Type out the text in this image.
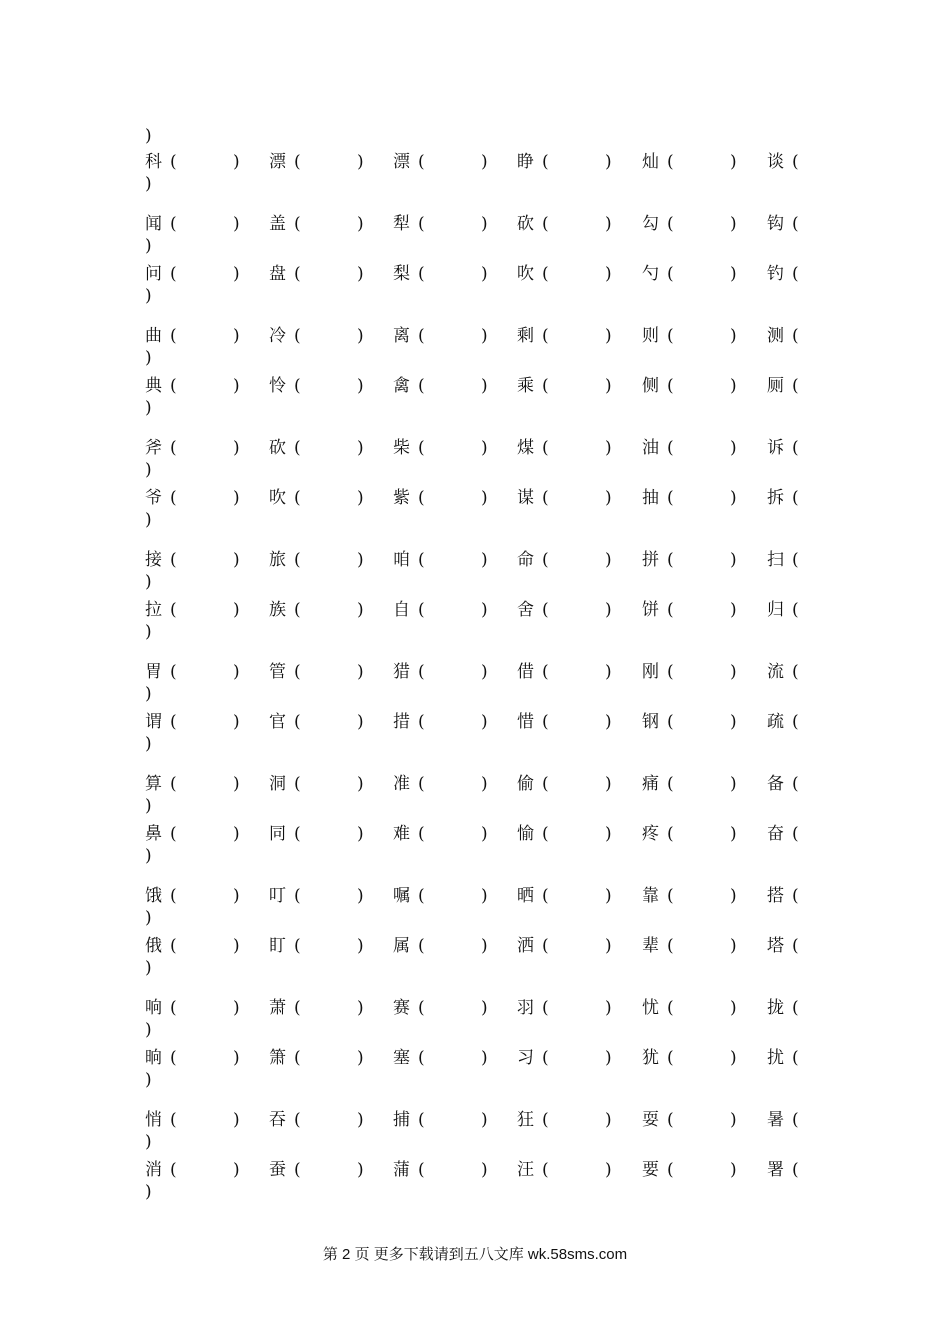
)
科 (	) 漂 (	) 漂 (	) 睁 (	) 灿 (	) 谈 (
)
闻 (	) 盖 (	) 犁 (	) 砍 (	) 勾 (	) 钩 (
)
问 (	) 盘 (	) 梨 (	) 吹 (	) 勺 (	) 钓 (
)
曲 (	) 冷 (	) 离 (	) 剩 (	) 则 (	) 测 (
)
典 (	) 怜 (	) 禽 (	) 乘 (	) 侧 (	) 厕 (
)
斧 (	) 砍 (	) 柴 (	) 煤 (	) 油 (	) 诉 (
)
爷 (	) 吹 (	) 紫 (	) 谋 (	) 抽 (	) 拆 (
)
接 (	) 旅 (	) 咱 (	) 命 (	) 拼 (	) 扫 (
)
拉 (	) 族 (	) 自 (	) 舍 (	) 饼 (	) 归 (
)
胃 (	) 管 (	) 猎 (	) 借 (	) 刚 (	) 流 (
)
谓 (	) 官 (	) 措 (	) 惜 (	) 钢 (	) 疏 (
)
算 (	) 洞 (	) 准 (	) 偷 (	) 痛 (	) 备 (
)
鼻 (	) 同 (	) 难 (	) 愉 (	) 疼 (	) 奋 (
)
饿 (	) 叮 (	) 嘱 (	) 晒 (	) 靠 (	) 搭 (
)
俄 (	) 盯 (	) 属 (	) 洒 (	) 辈 (	) 塔 (
)
响 (	) 萧 (	) 赛 (	) 羽 (	) 忧 (	) 拢 (
)
晌 (	) 箫 (	) 塞 (	) 习 (	) 犹 (	) 扰 (
)
悄 (	) 吞 (	) 捕 (	) 狂 (	) 耍 (	) 暑 (
)
消 (	) 蚕 (	) 蒲 (	) 汪 (	) 要 (	) 署 (
)
第 2 页 更多下载请到五八文库 wk.58sms.com
